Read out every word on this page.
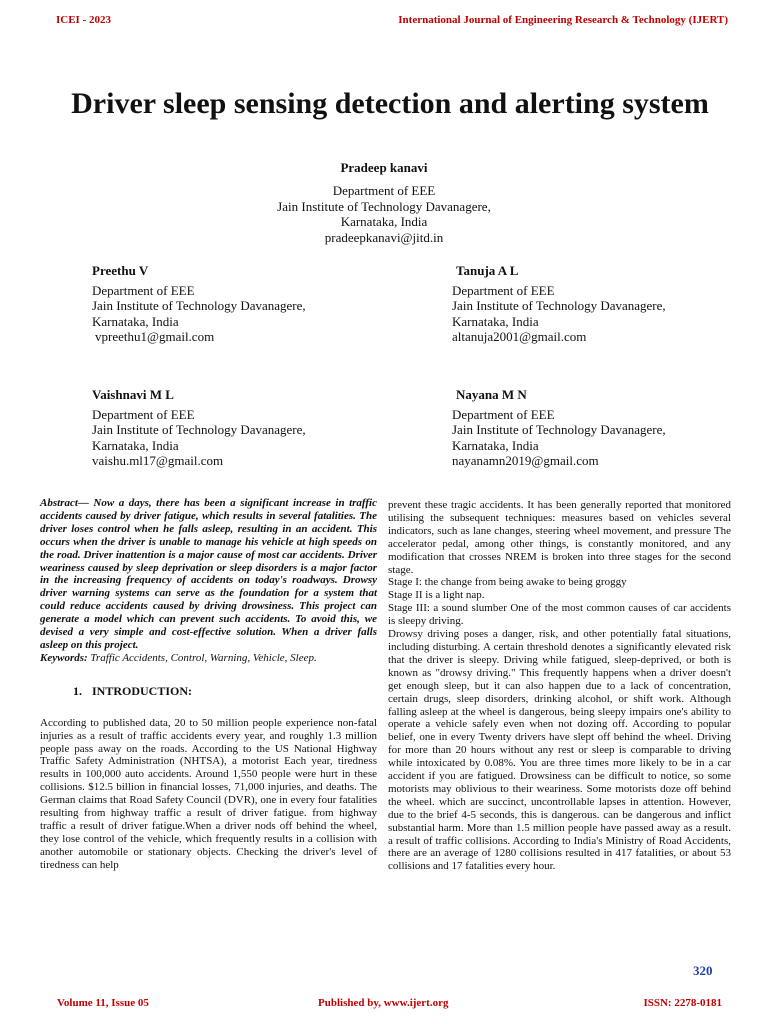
ICEI - 2023	International Journal of Engineering Research & Technology (IJERT)
Driver sleep sensing detection and alerting system
Pradeep kanavi
Department of EEE
Jain Institute of Technology Davanagere,
Karnataka, India
pradeepkanavi@jitd.in
Preethu V
Department of EEE
Jain Institute of Technology Davanagere,
Karnataka, India
vpreethu1@gmail.com
Tanuja A L
Department of EEE
Jain Institute of Technology Davanagere,
Karnataka, India
altanuja2001@gmail.com
Vaishnavi M L
Department of EEE
Jain Institute of Technology Davanagere,
Karnataka, India
vaishu.ml17@gmail.com
Nayana M N
Department of EEE
Jain Institute of Technology Davanagere,
Karnataka, India
nayanamn2019@gmail.com

Abstract— Now a days, there has been a significant increase in traffic accidents caused by driver fatigue, which results in several fatalities. The driver loses control when he falls asleep, resulting in an accident. This occurs when the driver is unable to manage his vehicle at high speeds on the road. Driver inattention is a major cause of most car accidents. Driver weariness caused by sleep deprivation or sleep disorders is a major factor in the increasing frequency of accidents on today's roadways. Drowsy driver warning systems can serve as the foundation for a system that could reduce accidents caused by driving drowsiness. This project can generate a model which can prevent such accidents. To avoid this, we devised a very simple and cost-effective solution. When a driver falls asleep on this project.

Keywords: Traffic Accidents, Control, Warning, Vehicle, Sleep.

1. INTRODUCTION:

According to published data, 20 to 50 million people experience non-fatal injuries as a result of traffic accidents every year, and roughly 1.3 million people pass away on the roads. According to the US National Highway Traffic Safety Administration (NHTSA), a motorist Each year, tiredness results in 100,000 auto accidents. Around 1,550 people were hurt in these collisions. $12.5 billion in financial losses, 71,000 injuries, and deaths. The German claims that Road Safety Council (DVR), one in every four fatalities resulting from highway traffic a result of driver fatigue. from highway traffic a result of driver fatigue.When a driver nods off behind the wheel, they lose control of the vehicle, which frequently results in a collision with another automobile or stationary objects. Checking the driver's level of tiredness can help

prevent these tragic accidents. It has been generally reported that monitored utilising the subsequent techniques: measures based on vehicles several indicators, such as lane changes, steering wheel movement, and pressure The accelerator pedal, among other things, is constantly monitored, and any modification that crosses NREM is broken into three stages for the second stage.

Stage I: the change from being awake to being groggy

Stage II is a light nap.

Stage III: a sound slumber One of the most common causes of car accidents is sleepy driving.

Drowsy driving poses a danger, risk, and other potentially fatal situations, including disturbing. A certain threshold denotes a significantly elevated risk that the driver is sleepy. Driving while fatigued, sleep-deprived, or both is known as "drowsy driving." This frequently happens when a driver doesn't get enough sleep, but it can also happen due to a lack of concentration, certain drugs, sleep disorders, drinking alcohol, or shift work. Although falling asleep at the wheel is dangerous, being sleepy impairs one's ability to operate a vehicle safely even when not dozing off. According to popular belief, one in every Twenty drivers have slept off behind the wheel. Driving for more than 20 hours without any rest or sleep is comparable to driving while intoxicated by 0.08%. You are three times more likely to be in a car accident if you are fatigued. Drowsiness can be difficult to notice, so some motorists may oblivious to their weariness. Some motorists doze off behind the wheel. which are succinct, uncontrollable lapses in attention. However, due to the brief 4-5 seconds, this is dangerous. can be dangerous and inflict substantial harm. More than 1.5 million people have passed away as a result. a result of traffic collisions. According to India's Ministry of Road Accidents, there are an average of 1280 collisions resulted in 417 fatalities, or about 53 collisions and 17 fatalities every hour.

320
Volume 11, Issue 05	Published by, www.ijert.org	ISSN: 2278-0181
